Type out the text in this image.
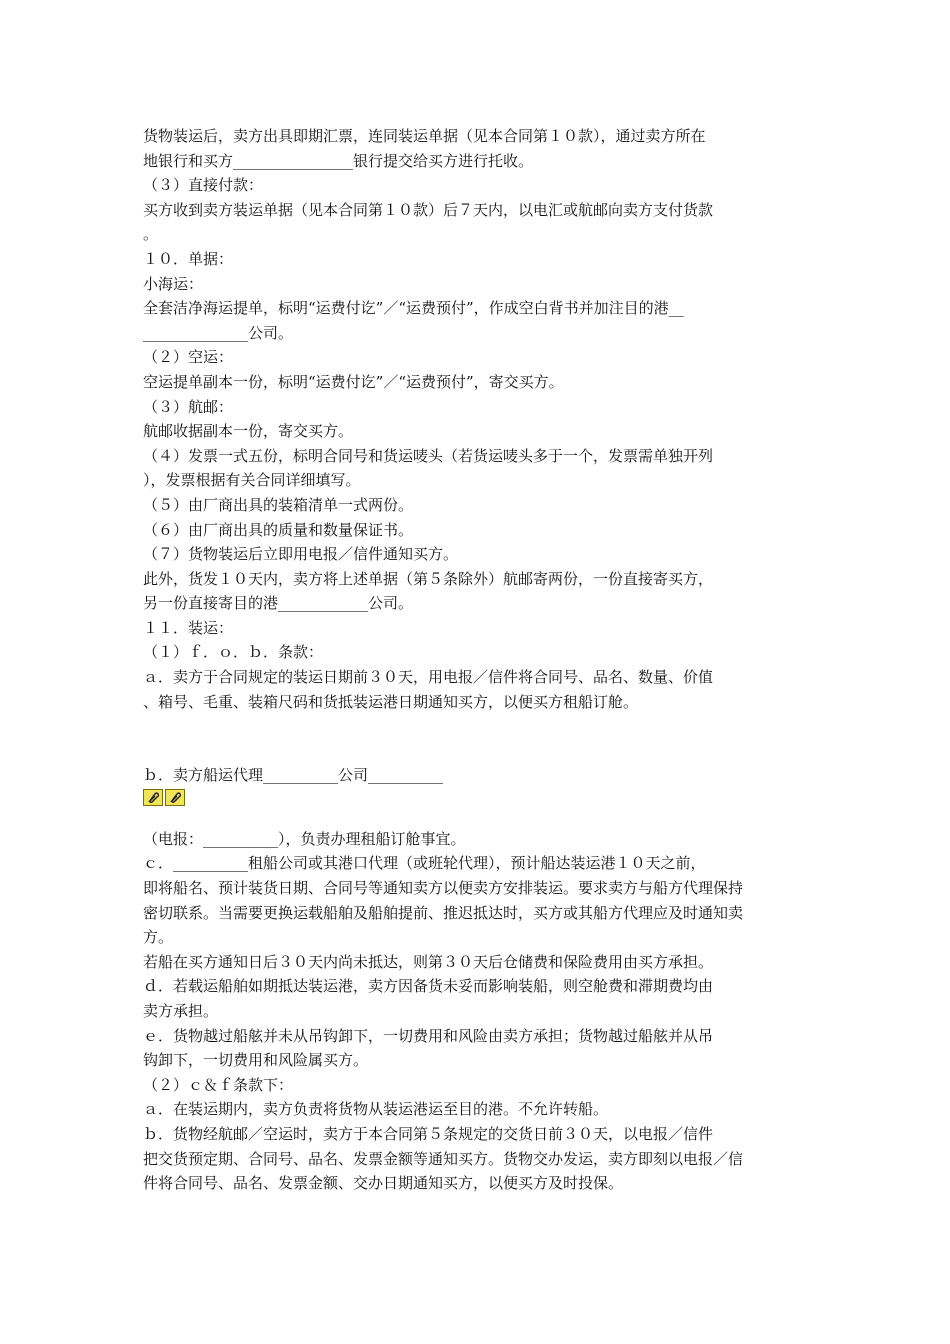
货物装运后，卖方出具即期汇票，连同装运单据（见本合同第１０款），通过卖方所在
地银行和买方________________银行提交给买方进行托收。
（３）直接付款：
买方收到卖方装运单据（见本合同第１０款）后７天内，以电汇或航邮向卖方支付货款
。
１０．单据：
小海运：
全套洁净海运提单，标明“运费付讫”／“运费预付”，作成空白背书并加注目的港__
______________公司。
（２）空运：
空运提单副本一份，标明“运费付讫”／“运费预付”，寄交买方。
（３）航邮：
航邮收据副本一份，寄交买方。
（４）发票一式五份，标明合同号和货运唛头（若货运唛头多于一个，发票需单独开列
），发票根据有关合同详细填写。
（５）由厂商出具的装箱清单一式两份。
（６）由厂商出具的质量和数量保证书。
（７）货物装运后立即用电报／信件通知买方。
此外，货发１０天内，卖方将上述单据（第５条除外）航邮寄两份，一份直接寄买方，
另一份直接寄目的港____________公司。
１１．装运：
（１）ｆ．ｏ．ｂ．条款：
ａ．卖方于合同规定的装运日期前３０天，用电报／信件将合同号、品名、数量、价值
、箱号、毛重、装箱尺码和货抵装运港日期通知买方，以便买方租船订舱。
ｂ．卖方船运代理__________公司__________
（电报：__________），负责办理租船订舱事宜。
ｃ．__________租船公司或其港口代理（或班轮代理），预计船达装运港１０天之前，
即将船名、预计装货日期、合同号等通知卖方以便卖方安排装运。要求卖方与船方代理保持
密切联系。当需要更换运载船舶及船舶提前、推迟抵达时，买方或其船方代理应及时通知卖
方。
若船在买方通知日后３０天内尚未抵达，则第３０天后仓储费和保险费用由买方承担。
ｄ．若载运船舶如期抵达装运港，卖方因备货未妥而影响装船，则空舱费和滞期费均由
卖方承担。
ｅ．货物越过船舷并未从吊钩卸下，一切费用和风险由卖方承担；货物越过船舷并从吊
钩卸下，一切费用和风险属买方。
（２）ｃ＆ｆ条款下：
ａ．在装运期内，卖方负责将货物从装运港运至目的港。不允许转船。
ｂ．货物经航邮／空运时，卖方于本合同第５条规定的交货日前３０天，以电报／信件
把交货预定期、合同号、品名、发票金额等通知买方。货物交办发运，卖方即刻以电报／信
件将合同号、品名、发票金额、交办日期通知买方，以便买方及时投保。
